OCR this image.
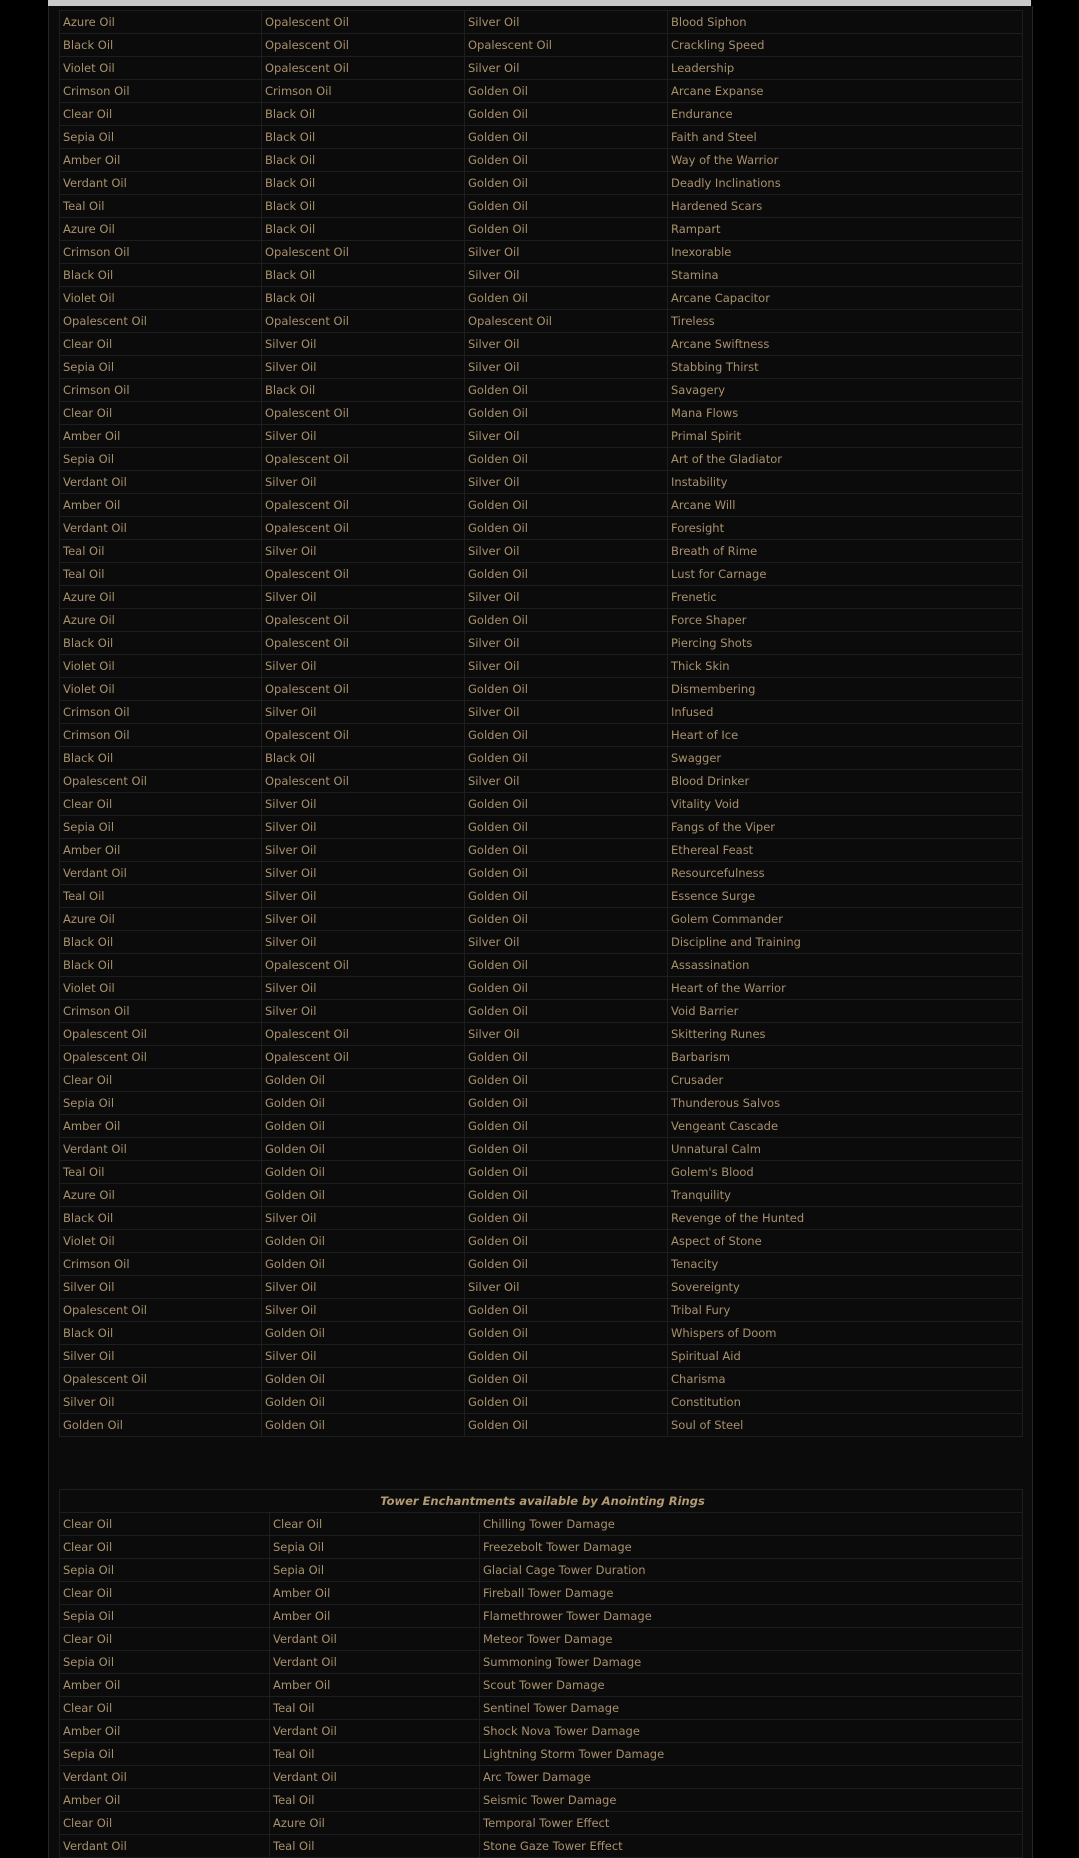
Azure Oil	Opalescent Oil	Silver Oil	Blood Siphon
Black Oil	Opalescent Oil	Opalescent Oil	Crackling Speed
Violet Oil	Opalescent Oil	Silver Oil	Leadership
Crimson Oil	Crimson Oil	Golden Oil	Arcane Expanse
Clear Oil	Black Oil	Golden Oil	Endurance
Sepia Oil	Black Oil	Golden Oil	Faith and Steel
Amber Oil	Black Oil	Golden Oil	Way of the Warrior
Verdant Oil	Black Oil	Golden Oil	Deadly Inclinations
Teal Oil	Black Oil	Golden Oil	Hardened Scars
Azure Oil	Black Oil	Golden Oil	Rampart
Crimson Oil	Opalescent Oil	Silver Oil	Inexorable
Black Oil	Black Oil	Silver Oil	Stamina
Violet Oil	Black Oil	Golden Oil	Arcane Capacitor
Opalescent Oil	Opalescent Oil	Opalescent Oil	Tireless
Clear Oil	Silver Oil	Silver Oil	Arcane Swiftness
Sepia Oil	Silver Oil	Silver Oil	Stabbing Thirst
Crimson Oil	Black Oil	Golden Oil	Savagery
Clear Oil	Opalescent Oil	Golden Oil	Mana Flows
Amber Oil	Silver Oil	Silver Oil	Primal Spirit
Sepia Oil	Opalescent Oil	Golden Oil	Art of the Gladiator
Verdant Oil	Silver Oil	Silver Oil	Instability
Amber Oil	Opalescent Oil	Golden Oil	Arcane Will
Verdant Oil	Opalescent Oil	Golden Oil	Foresight
Teal Oil	Silver Oil	Silver Oil	Breath of Rime
Teal Oil	Opalescent Oil	Golden Oil	Lust for Carnage
Azure Oil	Silver Oil	Silver Oil	Frenetic
Azure Oil	Opalescent Oil	Golden Oil	Force Shaper
Black Oil	Opalescent Oil	Silver Oil	Piercing Shots
Violet Oil	Silver Oil	Silver Oil	Thick Skin
Violet Oil	Opalescent Oil	Golden Oil	Dismembering
Crimson Oil	Silver Oil	Silver Oil	Infused
Crimson Oil	Opalescent Oil	Golden Oil	Heart of Ice
Black Oil	Black Oil	Golden Oil	Swagger
Opalescent Oil	Opalescent Oil	Silver Oil	Blood Drinker
Clear Oil	Silver Oil	Golden Oil	Vitality Void
Sepia Oil	Silver Oil	Golden Oil	Fangs of the Viper
Amber Oil	Silver Oil	Golden Oil	Ethereal Feast
Verdant Oil	Silver Oil	Golden Oil	Resourcefulness
Teal Oil	Silver Oil	Golden Oil	Essence Surge
Azure Oil	Silver Oil	Golden Oil	Golem Commander
Black Oil	Silver Oil	Silver Oil	Discipline and Training
Black Oil	Opalescent Oil	Golden Oil	Assassination
Violet Oil	Silver Oil	Golden Oil	Heart of the Warrior
Crimson Oil	Silver Oil	Golden Oil	Void Barrier
Opalescent Oil	Opalescent Oil	Silver Oil	Skittering Runes
Opalescent Oil	Opalescent Oil	Golden Oil	Barbarism
Clear Oil	Golden Oil	Golden Oil	Crusader
Sepia Oil	Golden Oil	Golden Oil	Thunderous Salvos
Amber Oil	Golden Oil	Golden Oil	Vengeant Cascade
Verdant Oil	Golden Oil	Golden Oil	Unnatural Calm
Teal Oil	Golden Oil	Golden Oil	Golem's Blood
Azure Oil	Golden Oil	Golden Oil	Tranquility
Black Oil	Silver Oil	Golden Oil	Revenge of the Hunted
Violet Oil	Golden Oil	Golden Oil	Aspect of Stone
Crimson Oil	Golden Oil	Golden Oil	Tenacity
Silver Oil	Silver Oil	Silver Oil	Sovereignty
Opalescent Oil	Silver Oil	Golden Oil	Tribal Fury
Black Oil	Golden Oil	Golden Oil	Whispers of Doom
Silver Oil	Silver Oil	Golden Oil	Spiritual Aid
Opalescent Oil	Golden Oil	Golden Oil	Charisma
Silver Oil	Golden Oil	Golden Oil	Constitution
Golden Oil	Golden Oil	Golden Oil	Soul of Steel
Tower Enchantments available by Anointing Rings		
Clear Oil	Clear Oil	Chilling Tower Damage
Clear Oil	Sepia Oil	Freezebolt Tower Damage
Sepia Oil	Sepia Oil	Glacial Cage Tower Duration
Clear Oil	Amber Oil	Fireball Tower Damage
Sepia Oil	Amber Oil	Flamethrower Tower Damage
Clear Oil	Verdant Oil	Meteor Tower Damage
Sepia Oil	Verdant Oil	Summoning Tower Damage
Amber Oil	Amber Oil	Scout Tower Damage
Clear Oil	Teal Oil	Sentinel Tower Damage
Amber Oil	Verdant Oil	Shock Nova Tower Damage
Sepia Oil	Teal Oil	Lightning Storm Tower Damage
Verdant Oil	Verdant Oil	Arc Tower Damage
Amber Oil	Teal Oil	Seismic Tower Damage
Clear Oil	Azure Oil	Temporal Tower Effect
Verdant Oil	Teal Oil	Stone Gaze Tower Effect
